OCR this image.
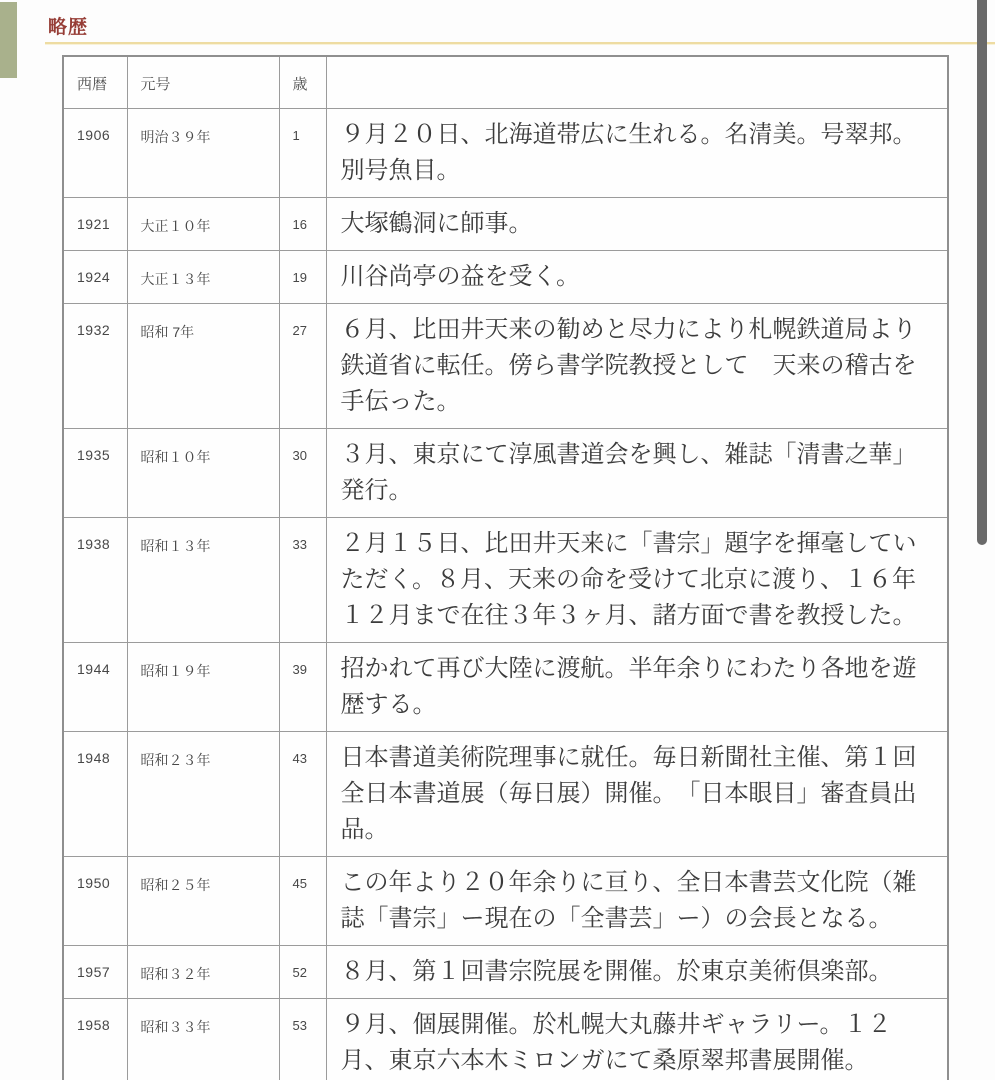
略歴
西暦	元号	歳	
1906	明治３９年	1	９月２０日、北海道帯広に生れる。名清美。号翠邦。別号魚目。
1921	大正１０年	16	大塚鶴洞に師事。
1924	大正１３年	19	川谷尚亭の益を受く。
1932	昭和 7年	27	６月、比田井天来の勧めと尽力により札幌鉄道局より鉄道省に転任。傍ら書学院教授として　天来の稽古を手伝った。
1935	昭和１０年	30	３月、東京にて淳風書道会を興し、雑誌「清書之華」発行。
1938	昭和１３年	33	２月１５日、比田井天来に「書宗」題字を揮毫していただく。８月、天来の命を受けて北京に渡り、１６年１２月まで在往３年３ヶ月、諸方面で書を教授した。
1944	昭和１９年	39	招かれて再び大陸に渡航。半年余りにわたり各地を遊歴する。
1948	昭和２３年	43	日本書道美術院理事に就任。毎日新聞社主催、第１回全日本書道展（毎日展）開催。　「日本眼目」審査員出品。
1950	昭和２５年	45	この年より２０年余りに亘り、全日本書芸文化院（雑誌「書宗」ー現在の「全書芸」ー）の会長となる。
1957	昭和３２年	52	８月、第１回書宗院展を開催。於東京美術倶楽部。
1958	昭和３３年	53	９月、個展開催。於札幌大丸藤井ギャラリー。１２月、東京六本木ミロンガにて桑原翠邦書展開催。
